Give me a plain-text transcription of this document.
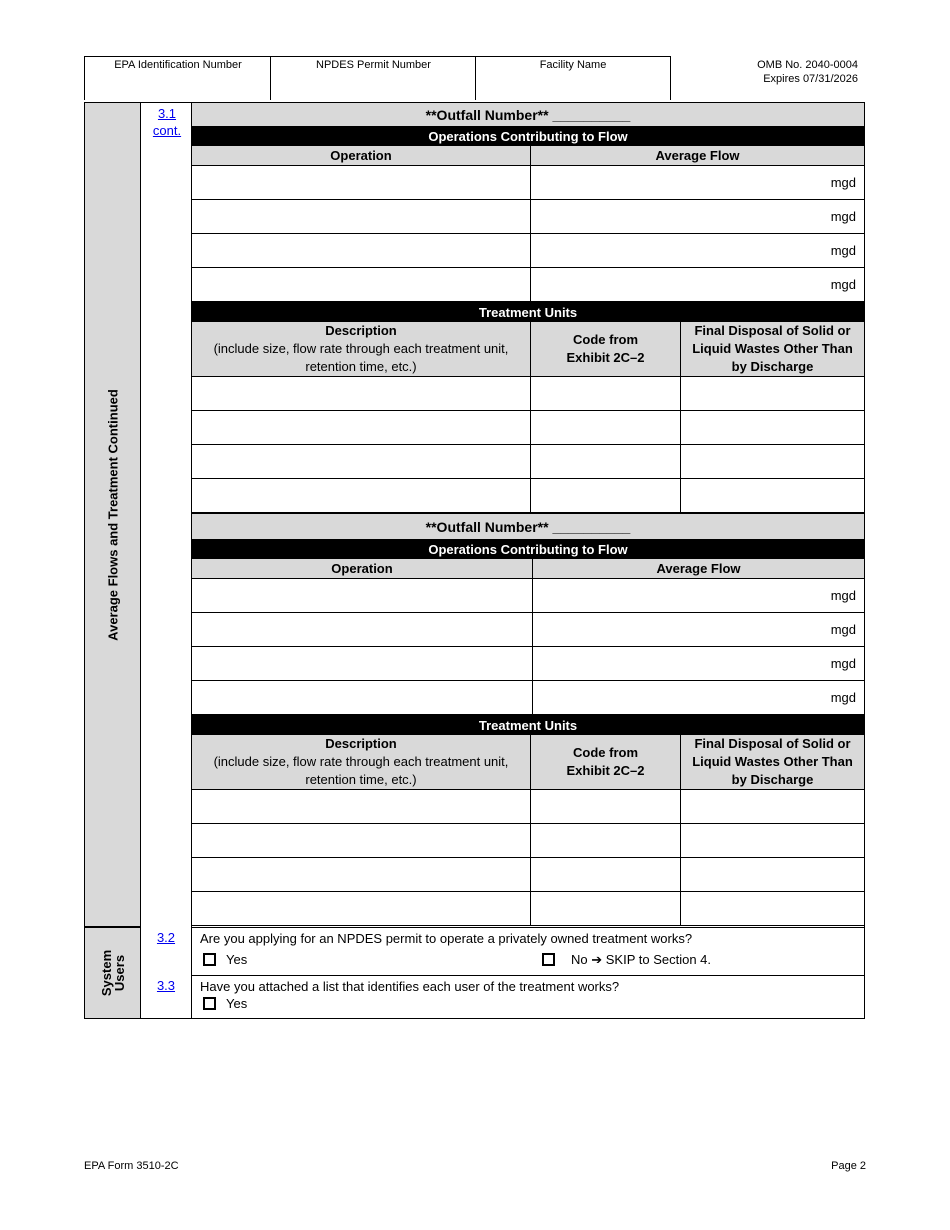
EPA Identification Number	NPDES Permit Number	Facility Name	OMB No. 2040-0004
Expires 07/31/2026
Average Flows and Treatment Continued
System Users
3.1
cont.
3.2
3.3
**Outfall Number** __________	
Operations Contributing to Flow	
Operation	Average Flow
	mgd
	mgd
	mgd
	mgd
Treatment Units		

Description
(include size, flow rate through each treatment unit, retention time, etc.)	Code from Exhibit 2C–2	Final Disposal of Solid or Liquid Wastes Other Than by Discharge

**Outfall Number** __________	
Operations Contributing to Flow	
Operation	Average Flow
	mgd
	mgd
	mgd
	mgd
Treatment Units		

Description
(include size, flow rate through each treatment unit, retention time, etc.)	Code from Exhibit 2C–2	Final Disposal of Solid or Liquid Wastes Other Than by Discharge

Are you applying for an NPDES permit to operate a privately owned treatment works?
Yes	No ➔ SKIP to Section 4.
Have you attached a list that identifies each user of the treatment works?
Yes
EPA Form 3510-2C	Page 2
